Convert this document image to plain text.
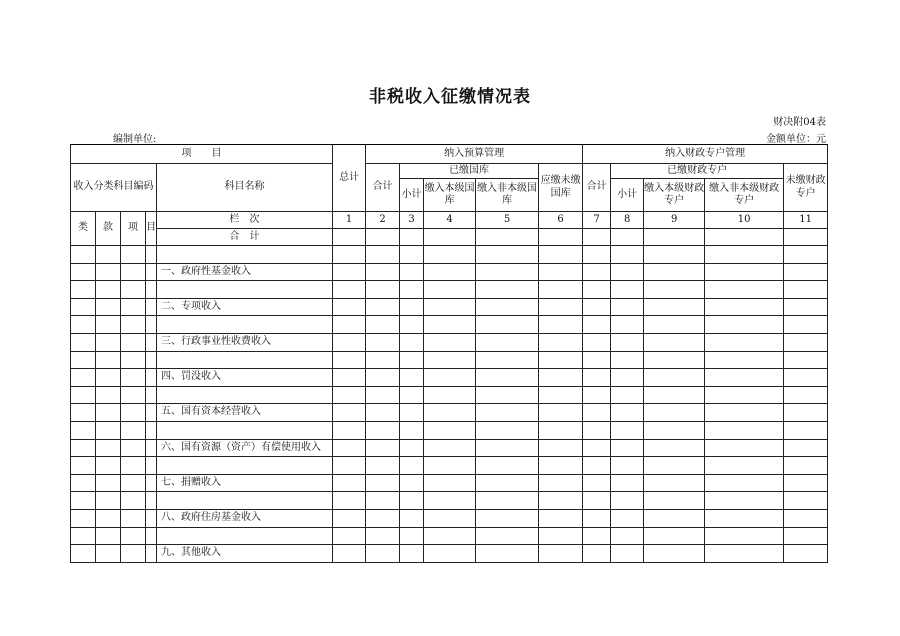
非税收入征缴情况表
财决附04表
编制单位:	金额单位：元
项　　目					总计	纳入预算管理					纳入财政专户管理				
收入分类科目编码				科目名称		合计	已缴国库			应缴未缴国库	合计	已缴财政专户			未缴财政专户
							小计	缴入本级国库	缴入非本级国库			小计	缴入本级财政专户	缴入非本级财政专户	
类	款	项	目	栏　次	1	2	3	4	5	6	7	8	9	10	11
				合　计											

				一、政府性基金收入											

				二、专项收入											

				三、行政事业性收费收入											

				四、罚没收入											

				五、国有资本经营收入											

				六、国有资源（资产）有偿使用收入											

				七、捐赠收入											

				八、政府住房基金收入											

				九、其他收入											
